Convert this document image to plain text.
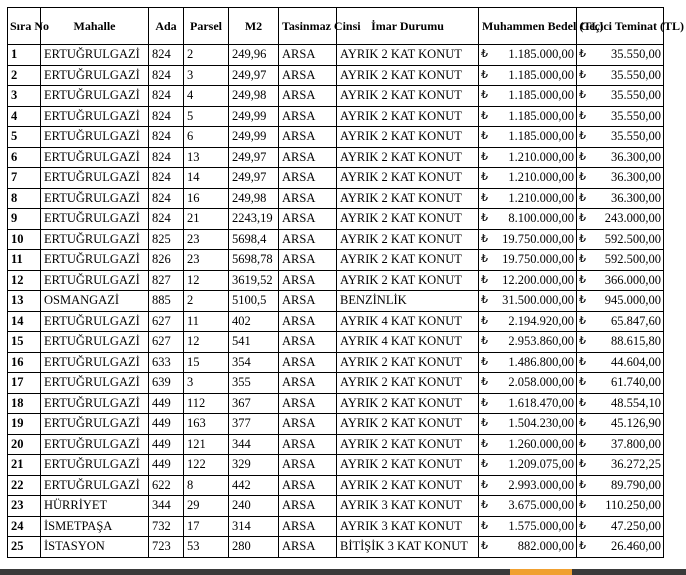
Sıra No	Mahalle	Ada	Parsel	M2	Tasinmaz Cinsi	İmar Durumu	Muhammen Bedel (TL)	Geçici Teminat (TL)
1	ERTUĞRULGAZİ	824	2	249,96	ARSA	AYRIK 2 KAT KONUT	₺ 1.185.000,00	₺ 35.550,00

2	ERTUĞRULGAZİ	824	3	249,97	ARSA	AYRIK 2 KAT KONUT	₺ 1.185.000,00	₺ 35.550,00

3	ERTUĞRULGAZİ	824	4	249,98	ARSA	AYRIK 2 KAT KONUT	₺ 1.185.000,00	₺ 35.550,00

4	ERTUĞRULGAZİ	824	5	249,99	ARSA	AYRIK 2 KAT KONUT	₺ 1.185.000,00	₺ 35.550,00

5	ERTUĞRULGAZİ	824	6	249,99	ARSA	AYRIK 2 KAT KONUT	₺ 1.185.000,00	₺ 35.550,00

6	ERTUĞRULGAZİ	824	13	249,97	ARSA	AYRIK 2 KAT KONUT	₺ 1.210.000,00	₺ 36.300,00

7	ERTUĞRULGAZİ	824	14	249,97	ARSA	AYRIK 2 KAT KONUT	₺ 1.210.000,00	₺ 36.300,00

8	ERTUĞRULGAZİ	824	16	249,98	ARSA	AYRIK 2 KAT KONUT	₺ 1.210.000,00	₺ 36.300,00

9	ERTUĞRULGAZİ	824	21	2243,19	ARSA	AYRIK 2 KAT KONUT	₺ 8.100.000,00	₺ 243.000,00

10	ERTUĞRULGAZİ	825	23	5698,4	ARSA	AYRIK 2 KAT KONUT	₺ 19.750.000,00	₺ 592.500,00

11	ERTUĞRULGAZİ	826	23	5698,78	ARSA	AYRIK 2 KAT KONUT	₺ 19.750.000,00	₺ 592.500,00

12	ERTUĞRULGAZİ	827	12	3619,52	ARSA	AYRIK 2 KAT KONUT	₺ 12.200.000,00	₺ 366.000,00

13	OSMANGAZİ	885	2	5100,5	ARSA	BENZİNLİK	₺ 31.500.000,00	₺ 945.000,00

14	ERTUĞRULGAZİ	627	11	402	ARSA	AYRIK 4 KAT KONUT	₺ 2.194.920,00	₺ 65.847,60

15	ERTUĞRULGAZİ	627	12	541	ARSA	AYRIK 4 KAT KONUT	₺ 2.953.860,00	₺ 88.615,80

16	ERTUĞRULGAZİ	633	15	354	ARSA	AYRIK 2 KAT KONUT	₺ 1.486.800,00	₺ 44.604,00

17	ERTUĞRULGAZİ	639	3	355	ARSA	AYRIK 2 KAT KONUT	₺ 2.058.000,00	₺ 61.740,00

18	ERTUĞRULGAZİ	449	112	367	ARSA	AYRIK 2 KAT KONUT	₺ 1.618.470,00	₺ 48.554,10

19	ERTUĞRULGAZİ	449	163	377	ARSA	AYRIK 2 KAT KONUT	₺ 1.504.230,00	₺ 45.126,90

20	ERTUĞRULGAZİ	449	121	344	ARSA	AYRIK 2 KAT KONUT	₺ 1.260.000,00	₺ 37.800,00

21	ERTUĞRULGAZİ	449	122	329	ARSA	AYRIK 2 KAT KONUT	₺ 1.209.075,00	₺ 36.272,25

22	ERTUĞRULGAZİ	622	8	442	ARSA	AYRIK 2 KAT KONUT	₺ 2.993.000,00	₺ 89.790,00

23	HÜRRİYET	344	29	240	ARSA	AYRIK 3 KAT KONUT	₺ 3.675.000,00	₺ 110.250,00

24	İSMETPAŞA	732	17	314	ARSA	AYRIK 3 KAT KONUT	₺ 1.575.000,00	₺ 47.250,00

25	İSTASYON	723	53	280	ARSA	BİTİŞİK 3 KAT KONUT	₺ 882.000,00	₺ 26.460,00
